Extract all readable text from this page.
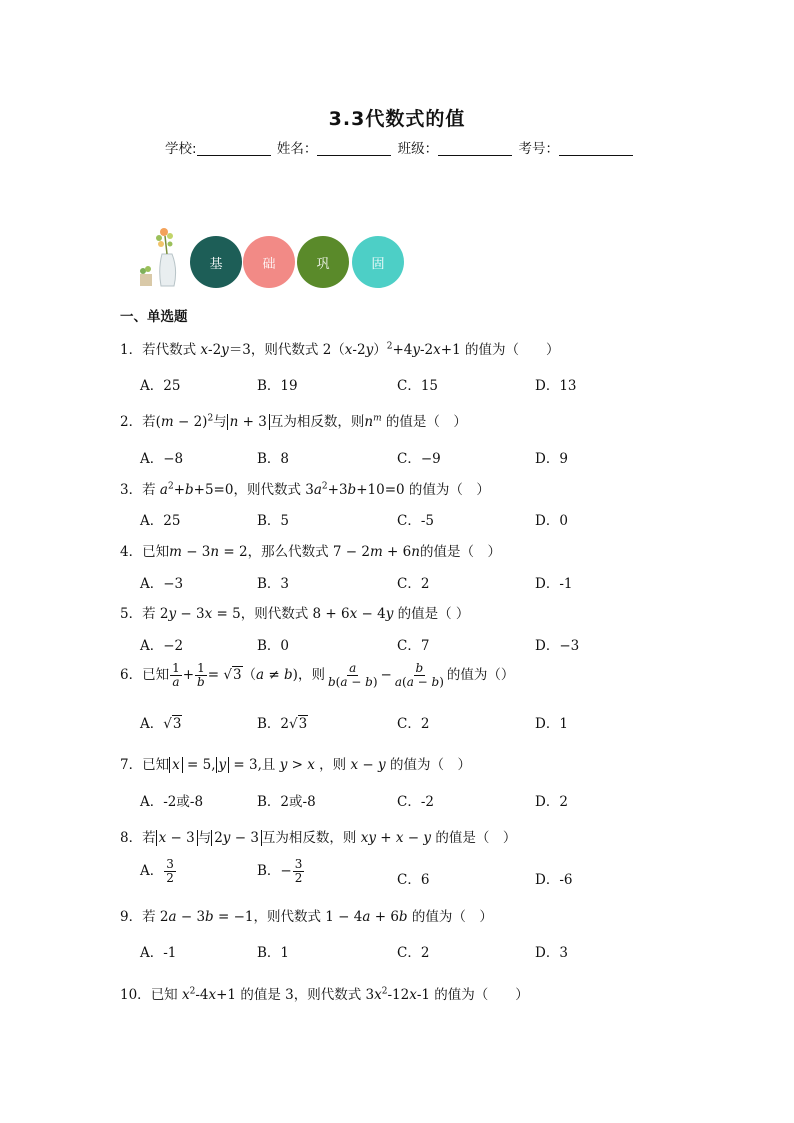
3.3代数式的值
学校:	姓名：	班级：	考号：
基	础	巩	固
一、单选题
1．若代数式 x-2y＝3，则代数式 $2(x-2y)^2+4y-2x+1$ 的值为（　　）
A．25	B．19	C．15	D．13
2．若$(m - 2)^2$与 n + 3 互为相反数，则$n^m$ 的值是（　）
A．−8	B．8	C．−9	D．9
3．若 $a^2+b+5=0$，则代数式 $3a^2+3b+10=0$ 的值为（　）
A．25	B．5	C．-5	D．0
4．已知m − 3n = 2，那么代数式 7 − 2m + 6n的值是（　）
A．−3	B．3	C．2	D．-1
5．若 2y − 3x = 5，则代数式 8 + 6x − 4y 的值是（ ）
A．−2	B．0	C．7	D．−3
6．已知 $\frac{1}{a} + \frac{1}{b} = √3(a \ne b)$，则 $\frac{a}{b(a - b)} - \frac{b}{a(a - b)}$ 的值为（）
A．√3	B．2√3	C．2	D．1
7．已知 x = 5, y = 3,且 y > x ，则 x − y 的值为（　）
A．-2或-8	B．2或-8	C．-2	D．2
8．若 x − 3 与 2y − 3 互为相反数，则 xy + x − y 的值是（　）
A． $\frac{3}{2}$	B．− $\frac{3}{2}$	C．6	D．-6
9．若 2a − 3b = −1，则代数式 1 − 4a + 6b 的值为（　）
A．-1	B．1	C．2	D．3
10．已知 $x^2-4x+1$ 的值是 3，则代数式 $3x^2-12x-1$ 的值为（　　）
